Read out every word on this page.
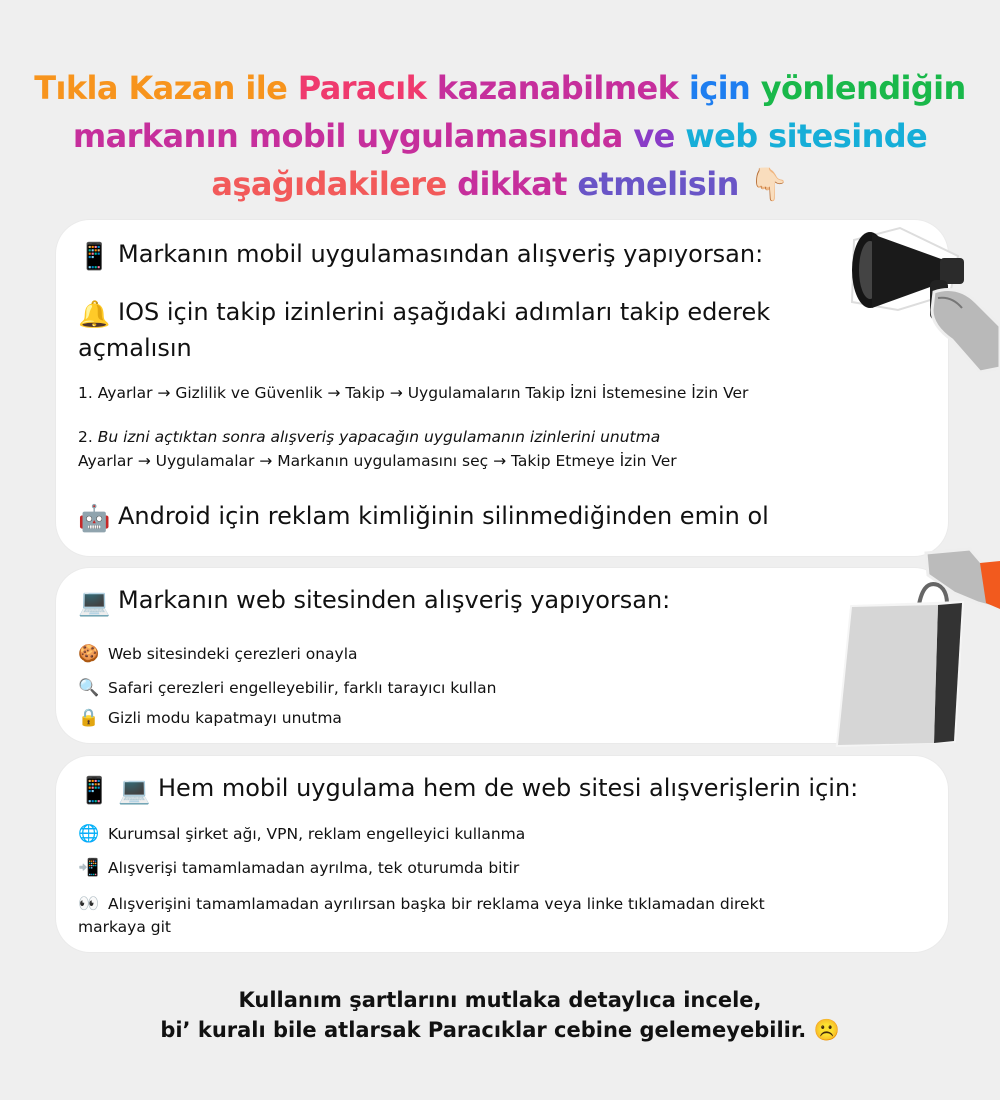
Tıkla Kazan ile Paracık kazanabilmek için yönlendiğin
markanın mobil uygulamasında ve web sitesinde
aşağıdakilere dikkat etmelisin 👇🏻
📱 Markanın mobil uygulamasından alışveriş yapıyorsan:
🔔 IOS için takip izinlerini aşağıdaki adımları takip ederek
açmalısın
1. Ayarlar → Gizlilik ve Güvenlik → Takip → Uygulamaların Takip İzni İstemesine İzin Ver
2. Bu izni açtıktan sonra alışveriş yapacağın uygulamanın izinlerini unutma
Ayarlar → Uygulamalar → Markanın uygulamasını seç → Takip Etmeye İzin Ver
🤖 Android için reklam kimliğinin silinmediğinden emin ol
💻 Markanın web sitesinden alışveriş yapıyorsan:
🍪 Web sitesindeki çerezleri onayla
🔍 Safari çerezleri engelleyebilir, farklı tarayıcı kullan
🔒 Gizli modu kapatmayı unutma
📱 💻 Hem mobil uygulama hem de web sitesi alışverişlerin için:
🌐 Kurumsal şirket ağı, VPN, reklam engelleyici kullanma
📲 Alışverişi tamamlamadan ayrılma, tek oturumda bitir
👀 Alışverişini tamamlamadan ayrılırsan başka bir reklama veya linke tıklamadan direkt
markaya git
Kullanım şartlarını mutlaka detaylıca incele,
bi’ kuralı bile atlarsak Paracıklar cebine gelemeyebilir. ☹️
